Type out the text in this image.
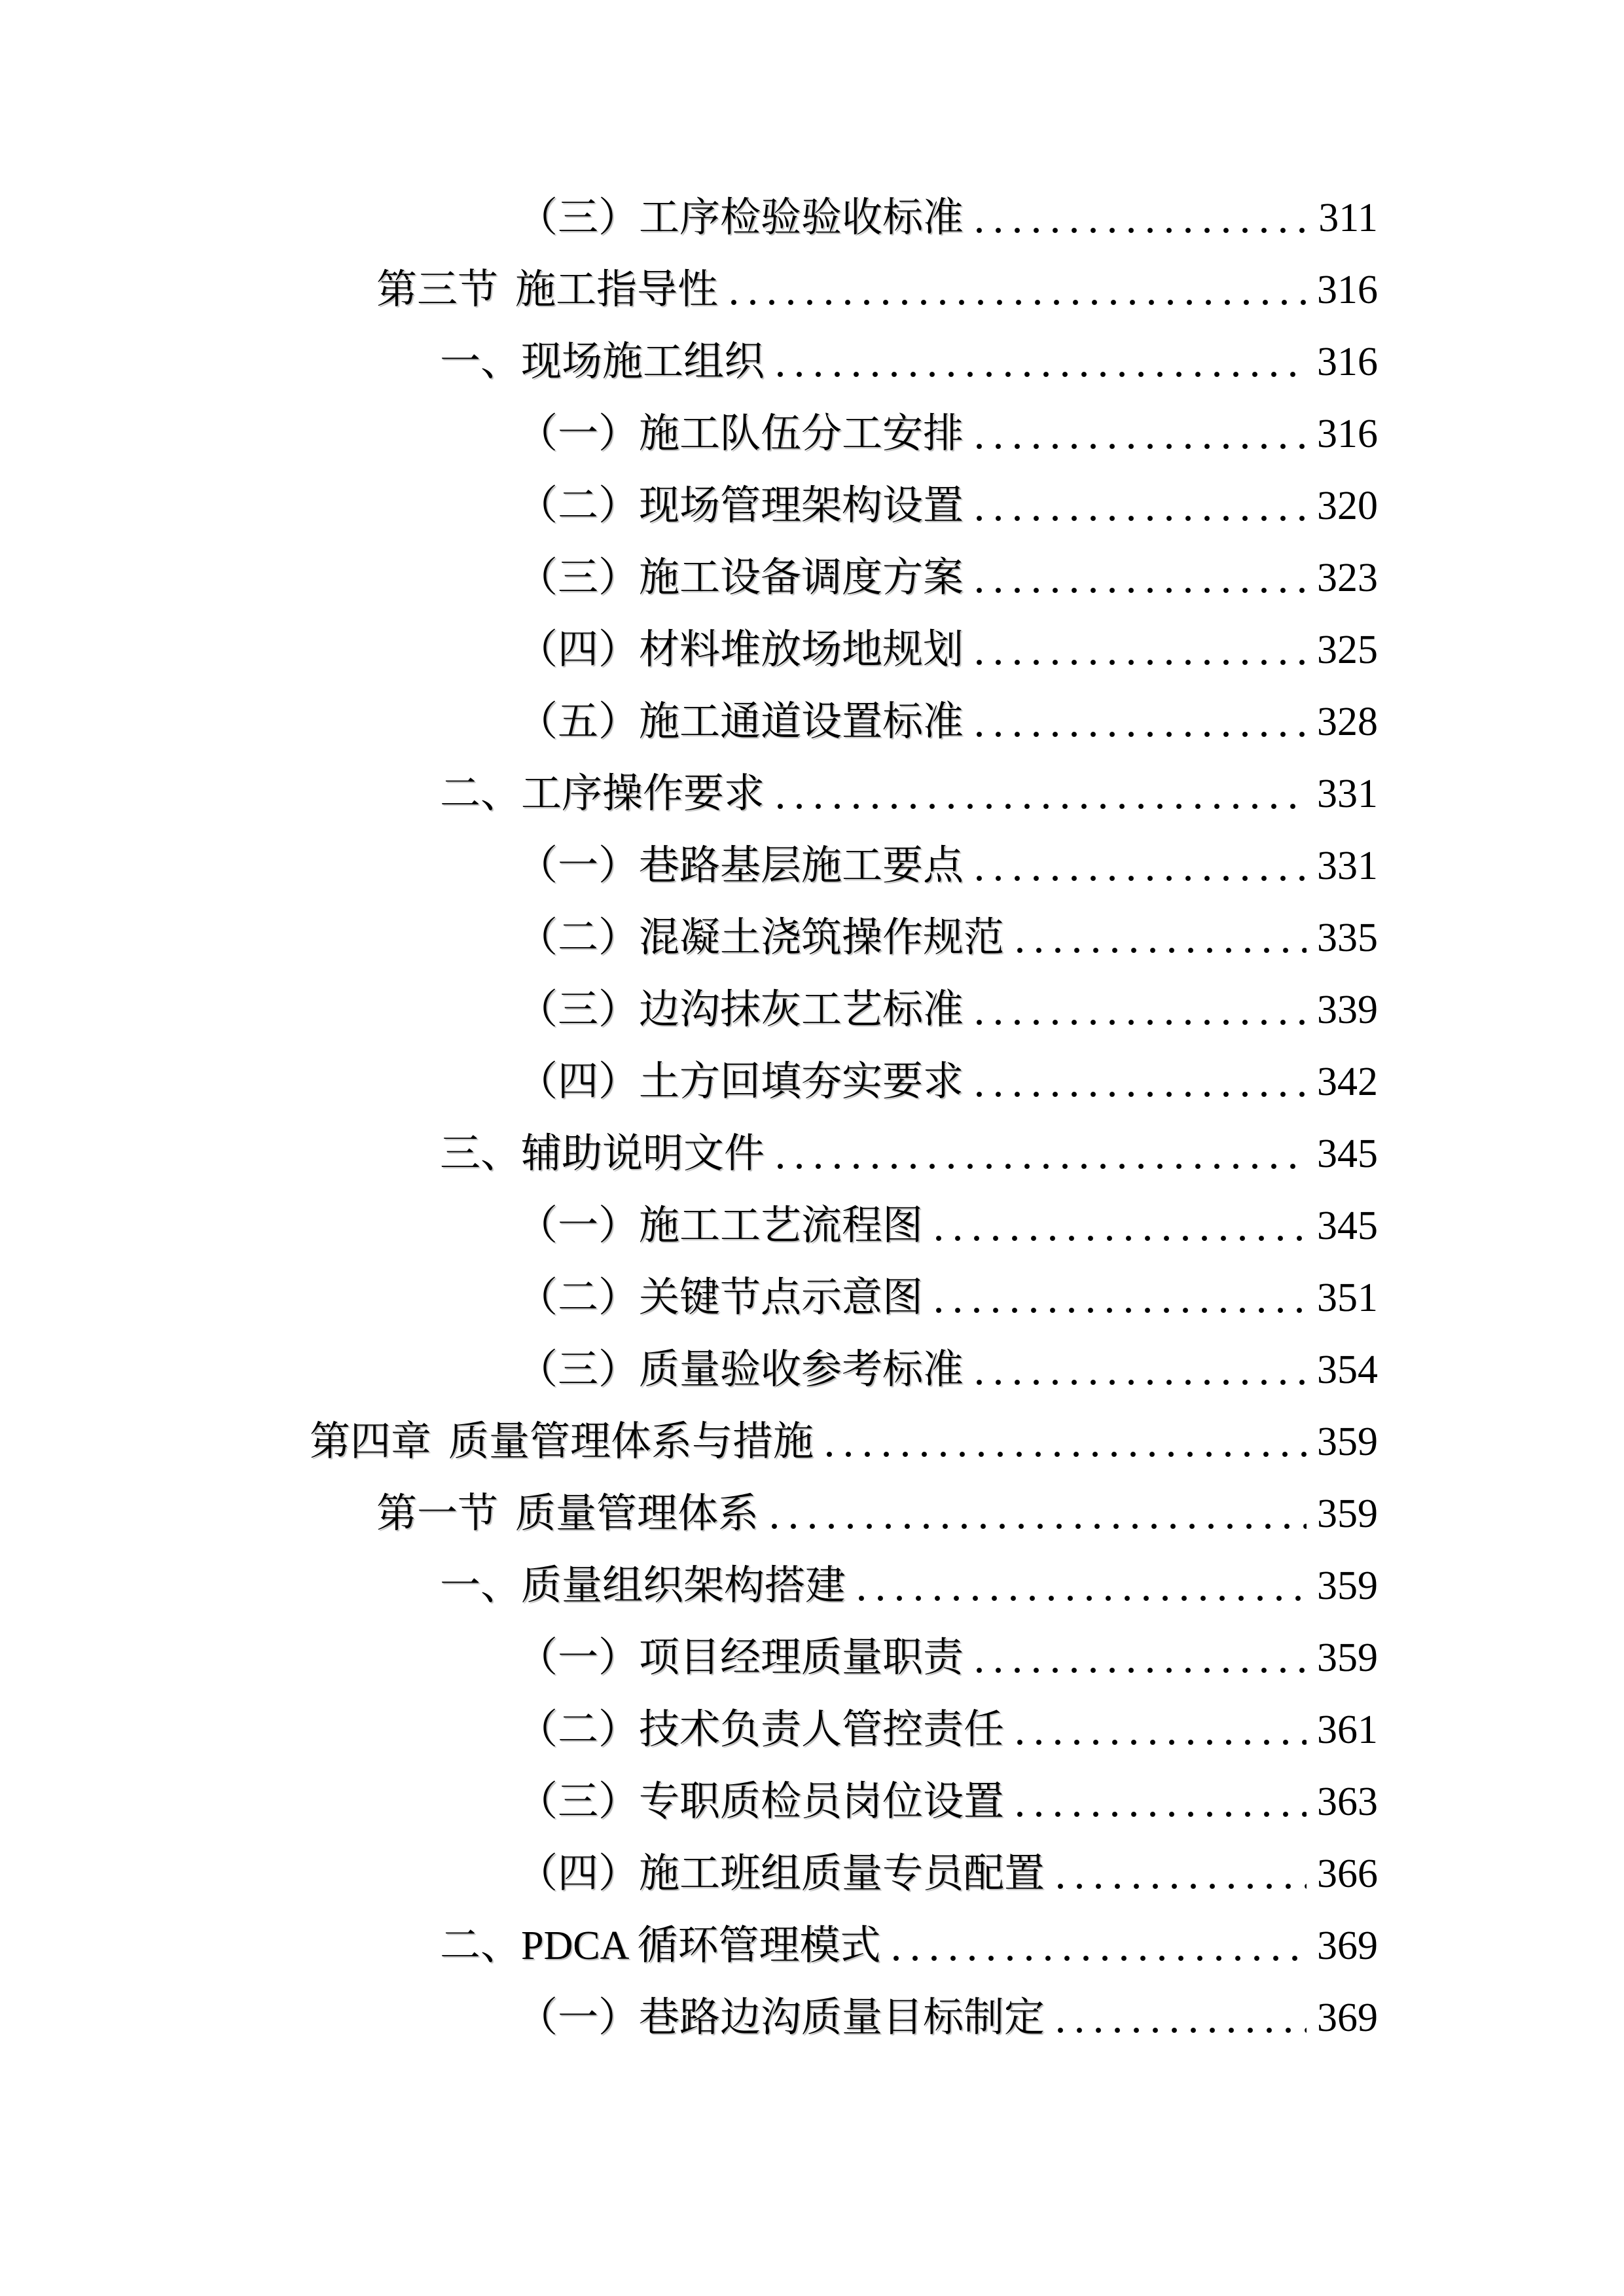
（三） 工序检验验收标准	311
第三节 施工指导性	316
一、 现场施工组织	316
（一） 施工队伍分工安排	316
（二） 现场管理架构设置	320
（三） 施工设备调度方案	323
（四） 材料堆放场地规划	325
（五） 施工通道设置标准	328
二、 工序操作要求	331
（一） 巷路基层施工要点	331
（二） 混凝土浇筑操作规范	335
（三） 边沟抹灰工艺标准	339
（四） 土方回填夯实要求	342
三、 辅助说明文件	345
（一） 施工工艺流程图	345
（二） 关键节点示意图	351
（三） 质量验收参考标准	354
第四章 质量管理体系与措施	359
第一节 质量管理体系	359
一、 质量组织架构搭建	359
（一） 项目经理质量职责	359
（二） 技术负责人管控责任	361
（三） 专职质检员岗位设置	363
（四） 施工班组质量专员配置	366
二、 PDCA 循环管理模式	369
（一） 巷路边沟质量目标制定	369
